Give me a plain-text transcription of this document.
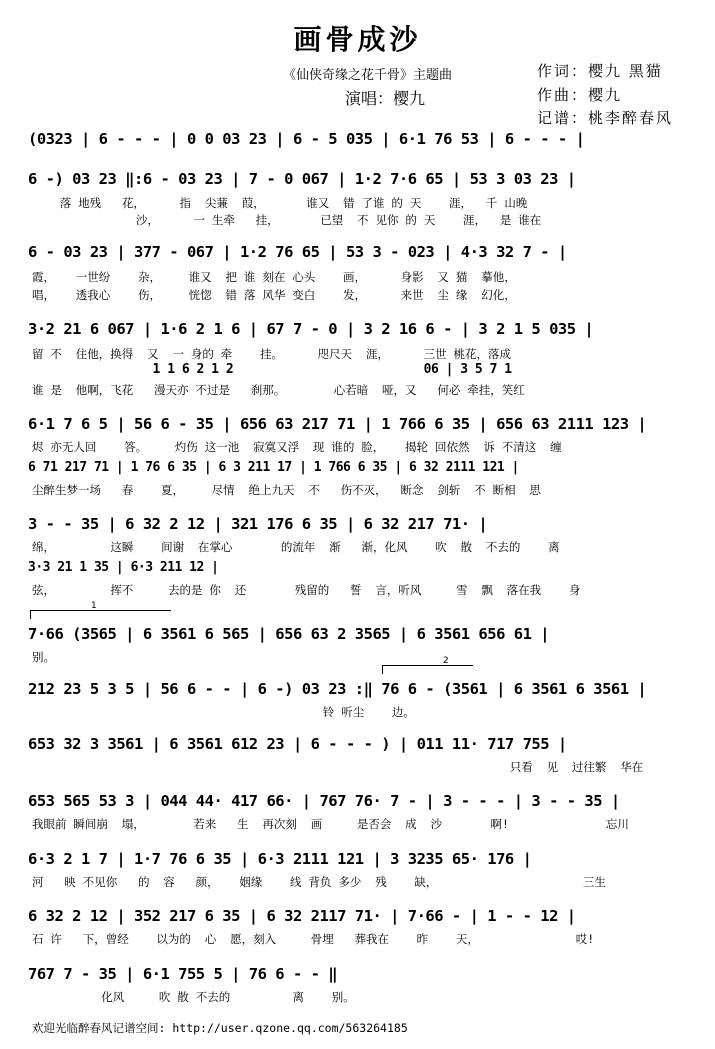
画骨成沙
《仙侠奇缘之花千骨》主题曲
演唱：樱九
作词：樱九 黑猫
作曲：樱九
记谱：桃李醉春风
(0323 | 6 - - - | 0 0 03 23 | 6 - 5 035 | 6·1 76 53 | 6 - - - |
6 -) 03 23 ‖:6 - 03 23 | 7 - 0 067 | 1·2 7·6 65 | 53 3 03 23 |
落 地残   花，     指  尖蒹  葭，      谁又  错 了谁 的 天    涯，  千 山晚
沙，     一 生牵   挂，      已望  不 见你 的 天    涯，  是 谁在
6 - 03 23 | 377 - 067 | 1·2 76 65 | 53 3 - 023 | 4·3 32 7 - |
霞，   一世纷    杂，    谁又  把 谁 刻在 心头    画，     身影  又 猫  摹他，
唱，   透我心    伤，    恍惚  错 落 风华 变白    发，     来世  尘 缘  幻化，
3·2 21 6 067 | 1·6 2 1 6 | 67 7 - 0 | 3 2 16 6 - | 3 2 1 5 035 |
留 不  住他，换得  又  一 身的 牵    挂。     咫尺天  涯，     三世 桃花，落成
1 1 6 2 1 2                          06 | 3 5 7 1
谁 是  他啊，飞花   漫天亦 不过是   刹那。       心若暗  哑，又   何必 牵挂，笑红
6·1 7 6 5 | 56 6 - 35 | 656 63 217 71 | 1 766 6 35 | 656 63 2111 123 |
烬 亦无人回    答。    灼伤 这一池  寂寞又浮  现 谁的 脸，   揭轮 回依然  诉 不清这  缠
6 71 217 71 | 1 76 6 35 | 6 3 211 17 | 1 766 6 35 | 6 32 2111 121 |
尘醉生梦一场   春    夏，    尽情  绝上九天  不   伤不灭，  断念  剑斩  不 断相  思
3 - - 35 | 6 32 2 12 | 321 176 6 35 | 6 32 217 71· |
绵，        这瞬    间谢  在掌心       的流年  渐   渐，化风    吹  散  不去的    离
3·3 21 1 35 | 6·3 211 12 |
弦，        挥不     去的是 你  还       残留的   誓  言，听风     雪  飘  落在我    身
1
7·66 (3565 | 6 3561 6 565 | 656 63 2 3565 | 6 3561 656 61 |
别。	2
212 23 5 3 5 | 56 6 - - | 6 -) 03 23 :‖ 76 6 - (3561 | 6 3561 6 3561 |
铃 听尘    边。
653 32 3 3561 | 6 3561 612 23 | 6 - - - ) | 011 11· 717 755 |
只看  见  过往繁  华在
653 565 53 3 | 044 44· 417 66· | 767 76· 7 - | 3 - - - | 3 - - 35 |
我眼前 瞬间崩  塌，       若来   生  再次刻  画     是否会  成  沙       啊!              忘川
6·3 2 1 7 | 1·7 76 6 35 | 6·3 2111 121 | 3 3235 65· 176 |
河   映 不见你   的  容   颜，   姻缘    线 背负 多少  残    缺，                     三生
6 32 2 12 | 352 217 6 35 | 6 32 2117 71· | 7·66 - | 1 - - 12 |
石 许   下，曾经    以为的  心  愿，刻入     骨埋   葬我在    昨    天，              哎!
767 7 - 35 | 6·1 755 5 | 76 6 - - ‖
化风     吹 散 不去的         离    别。
欢迎光临醉春风记谱空间: http://user.qzone.qq.com/563264185
